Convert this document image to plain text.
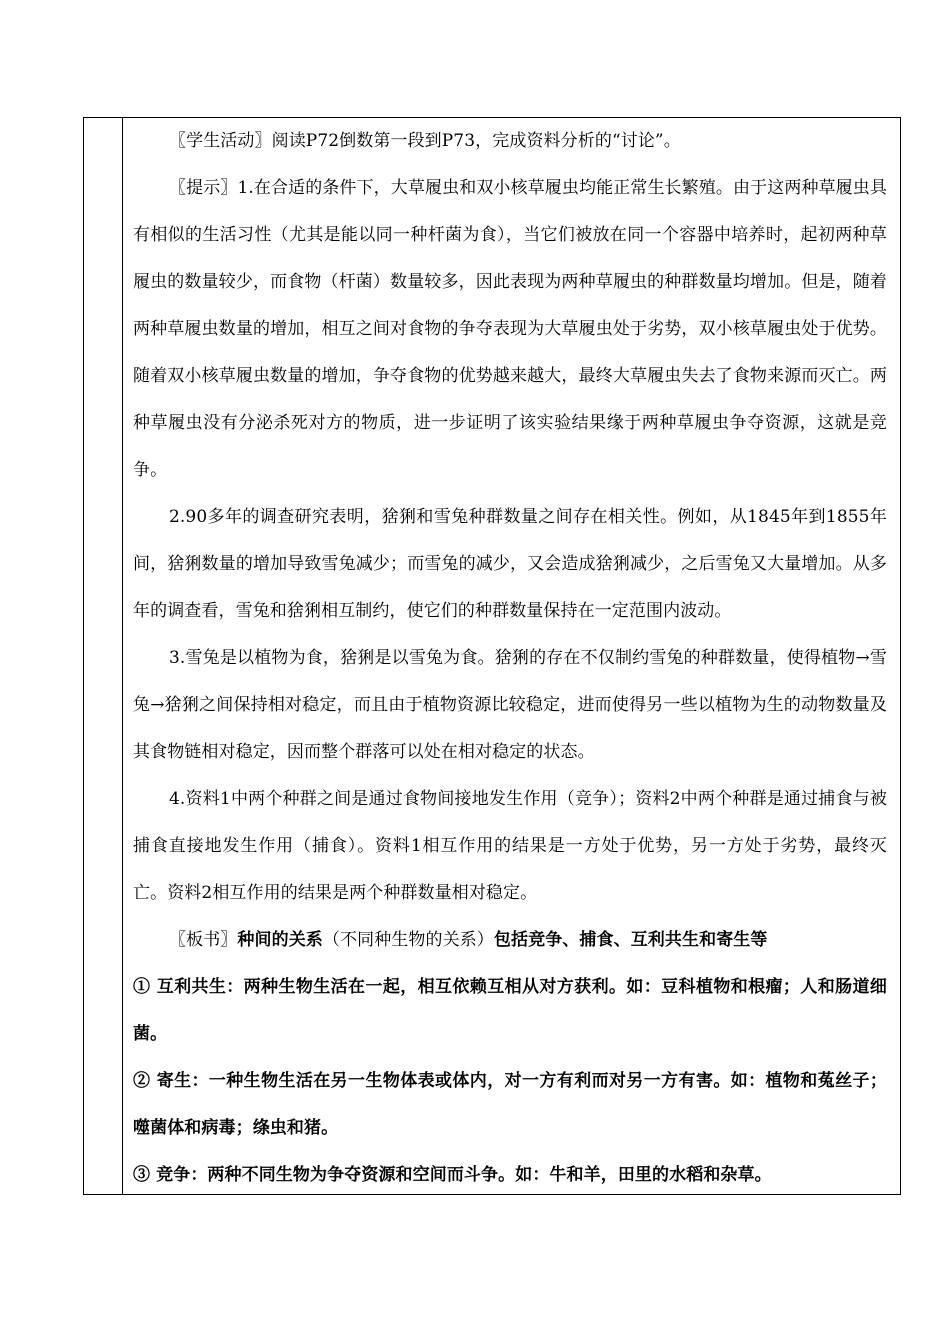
〖学生活动〗阅读P72倒数第一段到P73，完成资料分析的“讨论”。

〖提示〗1.在合适的条件下，大草履虫和双小核草履虫均能正常生长繁殖。由于这两种草履虫具有相似的生活习性（尤其是能以同一种杆菌为食），当它们被放在同一个容器中培养时，起初两种草履虫的数量较少，而食物（杆菌）数量较多，因此表现为两种草履虫的种群数量均增加。但是，随着两种草履虫数量的增加，相互之间对食物的争夺表现为大草履虫处于劣势，双小核草履虫处于优势。随着双小核草履虫数量的增加，争夺食物的优势越来越大，最终大草履虫失去了食物来源而灭亡。两种草履虫没有分泌杀死对方的物质，进一步证明了该实验结果缘于两种草履虫争夺资源，这就是竞争。

2.90多年的调查研究表明，猞猁和雪兔种群数量之间存在相关性。例如，从1845年到1855年间，猞猁数量的增加导致雪兔减少；而雪兔的减少，又会造成猞猁减少，之后雪兔又大量增加。从多年的调查看，雪兔和猞猁相互制约，使它们的种群数量保持在一定范围内波动。

3.雪兔是以植物为食，猞猁是以雪兔为食。猞猁的存在不仅制约雪兔的种群数量，使得植物→雪兔→猞猁之间保持相对稳定，而且由于植物资源比较稳定，进而使得另一些以植物为生的动物数量及其食物链相对稳定，因而整个群落可以处在相对稳定的状态。

4.资料1中两个种群之间是通过食物间接地发生作用（竞争）；资料2中两个种群是通过捕食与被捕食直接地发生作用（捕食）。资料1相互作用的结果是一方处于优势，另一方处于劣势，最终灭亡。资料2相互作用的结果是两个种群数量相对稳定。

〖板书〗种间的关系（不同种生物的关系）包括竞争、捕食、互利共生和寄生等

① 互利共生：两种生物生活在一起，相互依赖互相从对方获利。如：豆科植物和根瘤；人和肠道细菌。

② 寄生：一种生物生活在另一生物体表或体内，对一方有利而对另一方有害。如：植物和菟丝子；噬菌体和病毒；绦虫和猪。

③ 竞争：两种不同生物为争夺资源和空间而斗争。如：牛和羊，田里的水稻和杂草。
